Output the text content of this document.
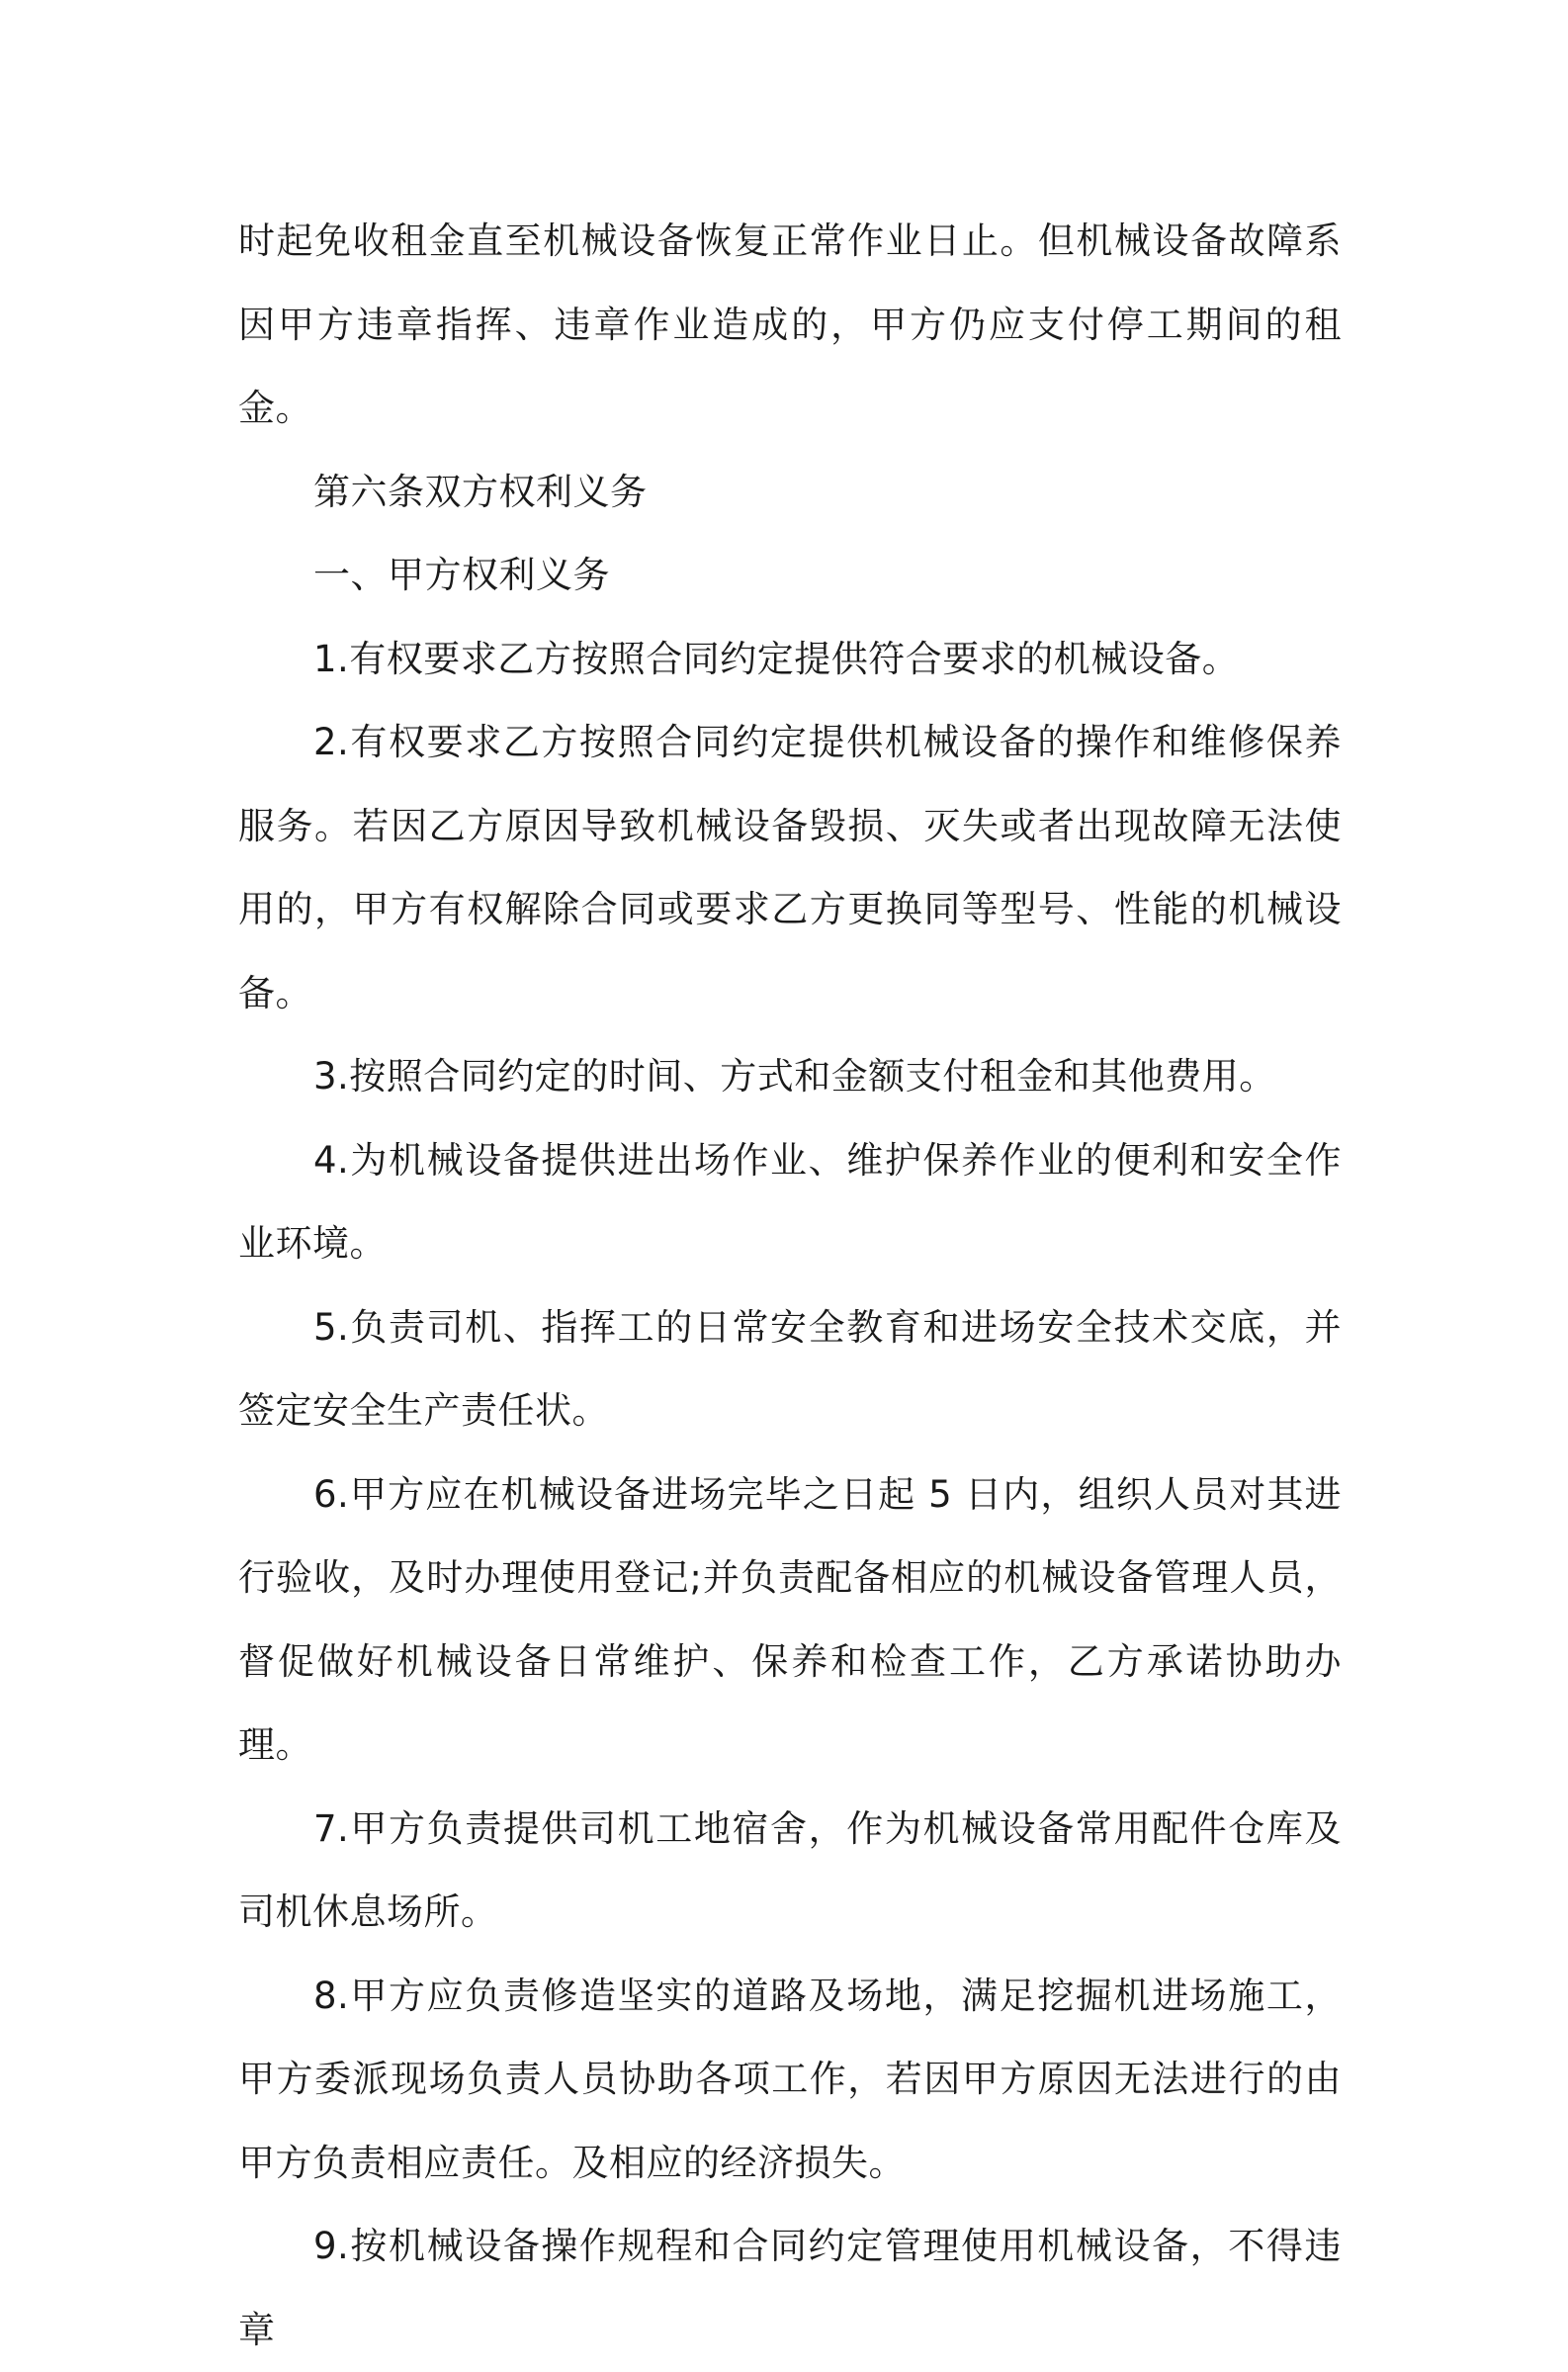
时起免收租金直至机械设备恢复正常作业日止。但机械设备故障系因甲方违章指挥、违章作业造成的，甲方仍应支付停工期间的租金。

第六条双方权利义务

一、甲方权利义务

1.有权要求乙方按照合同约定提供符合要求的机械设备。

2.有权要求乙方按照合同约定提供机械设备的操作和维修保养服务。若因乙方原因导致机械设备毁损、灭失或者出现故障无法使用的，甲方有权解除合同或要求乙方更换同等型号、性能的机械设备。

3.按照合同约定的时间、方式和金额支付租金和其他费用。

4.为机械设备提供进出场作业、维护保养作业的便利和安全作业环境。

5.负责司机、指挥工的日常安全教育和进场安全技术交底，并签定安全生产责任状。

6.甲方应在机械设备进场完毕之日起 5 日内，组织人员对其进行验收，及时办理使用登记;并负责配备相应的机械设备管理人员，督促做好机械设备日常维护、保养和检查工作，乙方承诺协助办理。

7.甲方负责提供司机工地宿舍，作为机械设备常用配件仓库及司机休息场所。

8.甲方应负责修造坚实的道路及场地，满足挖掘机进场施工，甲方委派现场负责人员协助各项工作，若因甲方原因无法进行的由甲方负责相应责任。及相应的经济损失。

9.按机械设备操作规程和合同约定管理使用机械设备，不得违章
